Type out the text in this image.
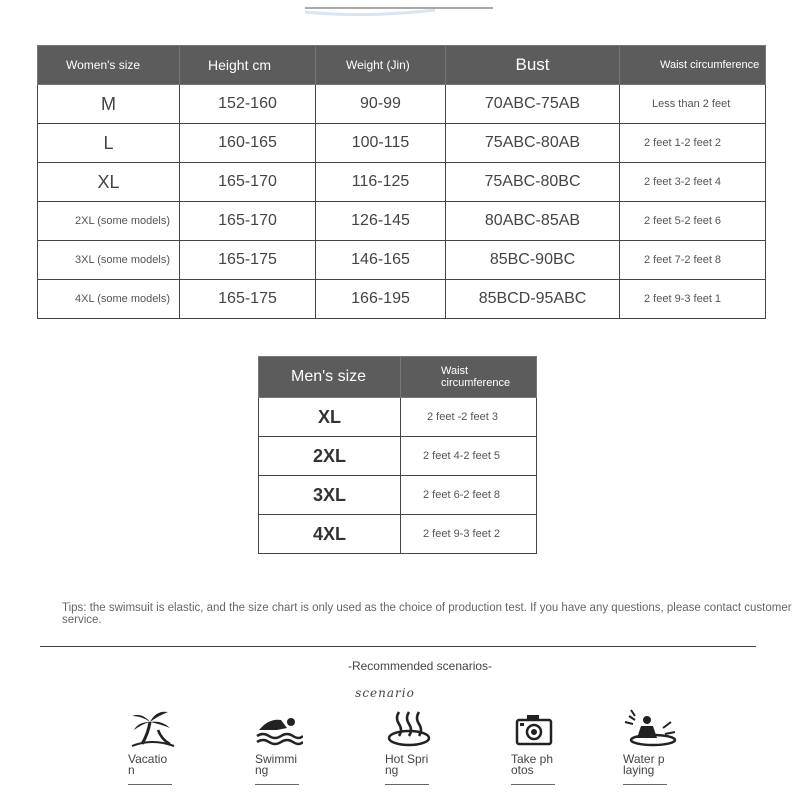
Women's size	Height cm	Weight (Jin)	Bust	Waist circumference
M	152-160	90-99	70ABC-75AB	Less than 2 feet
L	160-165	100-115	75ABC-80AB	2 feet 1-2 feet 2
XL	165-170	116-125	75ABC-80BC	2 feet 3-2 feet 4
2XL (some models)	165-170	126-145	80ABC-85AB	2 feet 5-2 feet 6
3XL (some models)	165-175	146-165	85BC-90BC	2 feet 7-2 feet 8
4XL (some models)	165-175	166-195	85BCD-95ABC	2 feet 9-3 feet 1
Men's size	Waist circumference
XL	2 feet -2 feet 3
2XL	2 feet 4-2 feet 5
3XL	2 feet 6-2 feet 8
4XL	2 feet 9-3 feet 2
Tips: the swimsuit is elastic, and the size chart is only used as the choice of production test. If you have any questions, please contact customer service.
-Recommended scenarios-
scenario
Vacation
Swimming
Hot Spring
Take photos
Water playing
